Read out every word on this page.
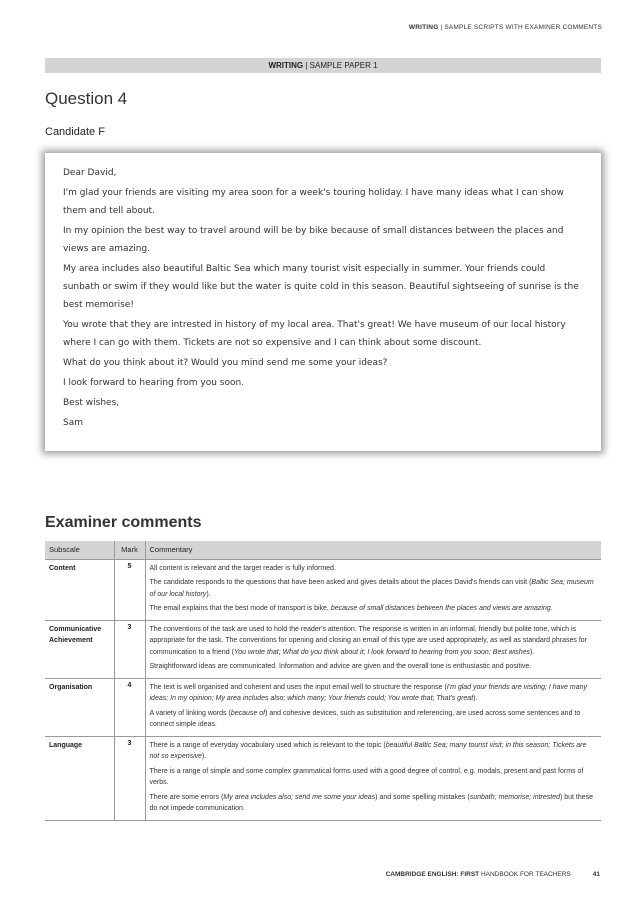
WRITING | SAMPLE SCRIPTS WITH EXAMINER COMMENTS
WRITING | SAMPLE PAPER 1
Question 4
Candidate F

Dear David,

I'm glad your friends are visiting my area soon for a week's touring holiday. I have many ideas what I can show them and tell about.

In my opinion the best way to travel around will be by bike because of small distances between the places and views are amazing.

My area includes also beautiful Baltic Sea which many tourist visit especially in summer. Your friends could sunbath or swim if they would like but the water is quite cold in this season. Beautiful sightseeing of sunrise is the best memorise!

You wrote that they are intrested in history of my local area. That's great! We have museum of our local history where I can go with them. Tickets are not so expensive and I can think about some discount.

What do you think about it? Would you mind send me some your ideas?

I look forward to hearing from you soon.

Best wishes,

Sam

Examiner comments
Subscale	Mark	Commentary
Content	5	All content is relevant and the target reader is fully informed.

The candidate responds to the questions that have been asked and gives details about the places David's friends can visit (Baltic Sea; museum of our local history).

The email explains that the best mode of transport is bike, because of small distances between the places and views are amazing.

Communicative Achievement	3	The conventions of the task are used to hold the reader's attention. The response is written in an informal, friendly but polite tone, which is appropriate for the task. The conventions for opening and closing an email of this type are used appropriately, as well as standard phrases for communication to a friend (You wrote that; What do you think about it; I look forward to hearing from you soon; Best wishes).

Straightforward ideas are communicated. Information and advice are given and the overall tone is enthusiastic and positive.

Organisation	4	The text is well organised and coherent and uses the input email well to structure the response (I'm glad your friends are visiting; I have many ideas; In my opinion; My area includes also; which many; Your friends could; You wrote that; That's great).

A variety of linking words (because of) and cohesive devices, such as substitution and referencing, are used across some sentences and to connect simple ideas.

Language	3	There is a range of everyday vocabulary used which is relevant to the topic (beautiful Baltic Sea; many tourist visit; in this season; Tickets are not so expensive).

There is a range of simple and some complex grammatical forms used with a good degree of control, e.g. modals, present and past forms of verbs.

There are some errors (My area includes also; send me some your ideas) and some spelling mistakes (sunbath; memorise; intrested) but these do not impede communication.

CAMBRIDGE ENGLISH: FIRST HANDBOOK FOR TEACHERS	41
